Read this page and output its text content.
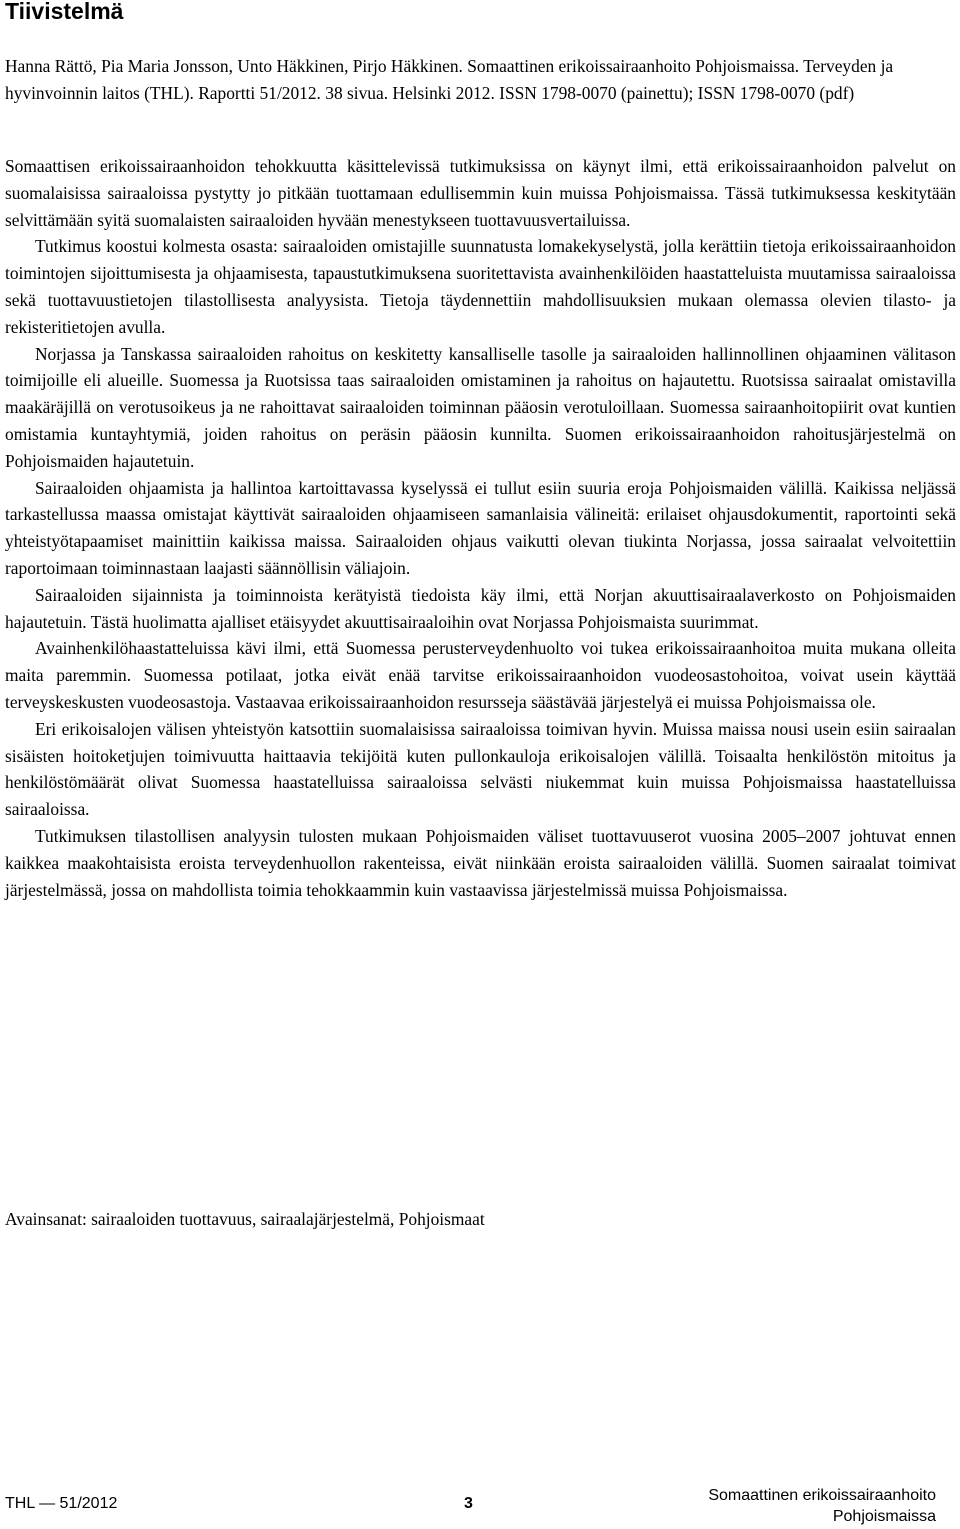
Tiivistelmä
Hanna Rättö, Pia Maria Jonsson, Unto Häkkinen, Pirjo Häkkinen. Somaattinen erikoissairaanhoito Pohjoismaissa. Terveyden ja hyvinvoinnin laitos (THL). Raportti 51/2012. 38 sivua. Helsinki 2012. ISSN 1798-0070 (painettu); ISSN 1798-0070 (pdf)

Somaattisen erikoissairaanhoidon tehokkuutta käsittelevissä tutkimuksissa on käynyt ilmi, että erikoissairaanhoidon palvelut on suomalaisissa sairaaloissa pystytty jo pitkään tuottamaan edullisemmin kuin muissa Pohjoismaissa. Tässä tutkimuksessa keskitytään selvittämään syitä suomalaisten sairaaloiden hyvään menestykseen tuottavuusvertailuissa.

Tutkimus koostui kolmesta osasta: sairaaloiden omistajille suunnatusta lomakekyselystä, jolla kerättiin tietoja erikoissairaanhoidon toimintojen sijoittumisesta ja ohjaamisesta, tapaustutkimuksena suoritettavista avainhenkilöiden haastatteluista muutamissa sairaaloissa sekä tuottavuustietojen tilastollisesta analyysista. Tietoja täydennettiin mahdollisuuksien mukaan olemassa olevien tilasto- ja rekisteritietojen avulla.

Norjassa ja Tanskassa sairaaloiden rahoitus on keskitetty kansalliselle tasolle ja sairaaloiden hallinnollinen ohjaaminen välitason toimijoille eli alueille. Suomessa ja Ruotsissa taas sairaaloiden omistaminen ja rahoitus on hajautettu. Ruotsissa sairaalat omistavilla maakäräjillä on verotusoikeus ja ne rahoittavat sairaaloiden toiminnan pääosin verotuloillaan. Suomessa sairaanhoitopiirit ovat kuntien omistamia kuntayhtymiä, joiden rahoitus on peräsin pääosin kunnilta. Suomen erikoissairaanhoidon rahoitusjärjestelmä on Pohjoismaiden hajautetuin.

Sairaaloiden ohjaamista ja hallintoa kartoittavassa kyselyssä ei tullut esiin suuria eroja Pohjoismaiden välillä. Kaikissa neljässä tarkastellussa maassa omistajat käyttivät sairaaloiden ohjaamiseen samanlaisia välineitä: erilaiset ohjausdokumentit, raportointi sekä yhteistyötapaamiset mainittiin kaikissa maissa. Sairaaloiden ohjaus vaikutti olevan tiukinta Norjassa, jossa sairaalat velvoitettiin raportoimaan toiminnastaan laajasti säännöllisin väliajoin.

Sairaaloiden sijainnista ja toiminnoista kerätyistä tiedoista käy ilmi, että Norjan akuuttisairaalaverkosto on Pohjoismaiden hajautetuin. Tästä huolimatta ajalliset etäisyydet akuuttisairaaloihin ovat Norjassa Pohjoismaista suurimmat.

Avainhenkilöhaastatteluissa kävi ilmi, että Suomessa perusterveydenhuolto voi tukea erikoissairaanhoitoa muita mukana olleita maita paremmin. Suomessa potilaat, jotka eivät enää tarvitse erikoissairaanhoidon vuodeosastohoitoa, voivat usein käyttää terveyskeskusten vuodeosastoja. Vastaavaa erikoissairaanhoidon resursseja säästävää järjestelyä ei muissa Pohjoismaissa ole.

Eri erikoisalojen välisen yhteistyön katsottiin suomalaisissa sairaaloissa toimivan hyvin. Muissa maissa nousi usein esiin sairaalan sisäisten hoitoketjujen toimivuutta haittaavia tekijöitä kuten pullonkauloja erikoisalojen välillä. Toisaalta henkilöstön mitoitus ja henkilöstömäärät olivat Suomessa haastatelluissa sairaaloissa selvästi niukemmat kuin muissa Pohjoismaissa haastatelluissa sairaaloissa.

Tutkimuksen tilastollisen analyysin tulosten mukaan Pohjoismaiden väliset tuottavuuserot vuosina 2005–2007 johtuvat ennen kaikkea maakohtaisista eroista terveydenhuollon rakenteissa, eivät niinkään eroista sairaaloiden välillä. Suomen sairaalat toimivat järjestelmässä, jossa on mahdollista toimia tehokkaammin kuin vastaavissa järjestelmissä muissa Pohjoismaissa.

Avainsanat: sairaaloiden tuottavuus, sairaalajärjestelmä, Pohjoismaat
THL — 51/2012	3	Somaattinen erikoissairaanhoito
Pohjoismaissa
